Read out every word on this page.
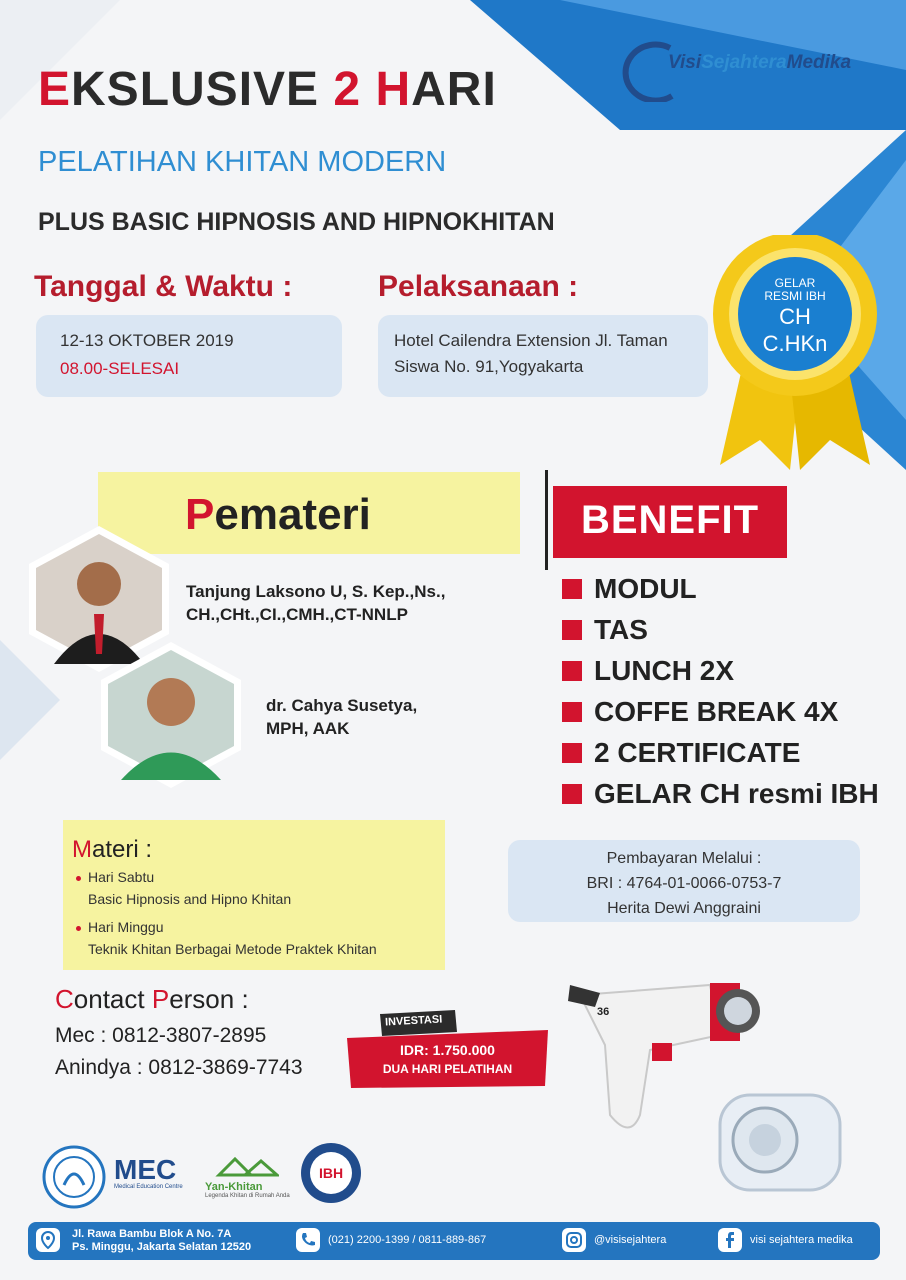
VisiSejahteraMedika
EKSLUSIVE 2 HARI
PELATIHAN KHITAN MODERN
PLUS BASIC HIPNOSIS AND HIPNOKHITAN
Tanggal & Waktu :
12-13 OKTOBER 2019
08.00-SELESAI
Pelaksanaan :
Hotel Cailendra Extension Jl. Taman
Siswa No. 91,Yogyakarta
GELAR
RESMI IBH
CH
C.HKn
Pemateri
Tanjung Laksono U, S. Kep.,Ns.,
CH.,CHt.,CI.,CMH.,CT-NNLP
dr. Cahya Susetya,
MPH, AAK
BENEFIT
MODUL
TAS
LUNCH 2X
COFFE BREAK 4X
2 CERTIFICATE
GELAR CH resmi IBH
Materi :
Hari Sabtu
Basic Hipnosis and Hipno Khitan
Hari Minggu
Teknik Khitan Berbagai Metode Praktek Khitan
Pembayaran Melalui :
BRI : 4764-01-0066-0753-7
Herita Dewi Anggraini
Contact Person :
Mec : 0812-3807-2895
Anindya : 0812-3869-7743
INVESTASI
IDR: 1.750.000
DUA HARI PELATIHAN
36
MEC
Medical Education Centre Yan-Khitan
Legenda Khitan di Rumah Anda
IBH
Jl. Rawa Bambu Blok A No. 7A
Ps. Minggu, Jakarta Selatan 12520
(021) 2200-1399 / 0811-889-867	@visisejahtera	visi sejahtera medika
